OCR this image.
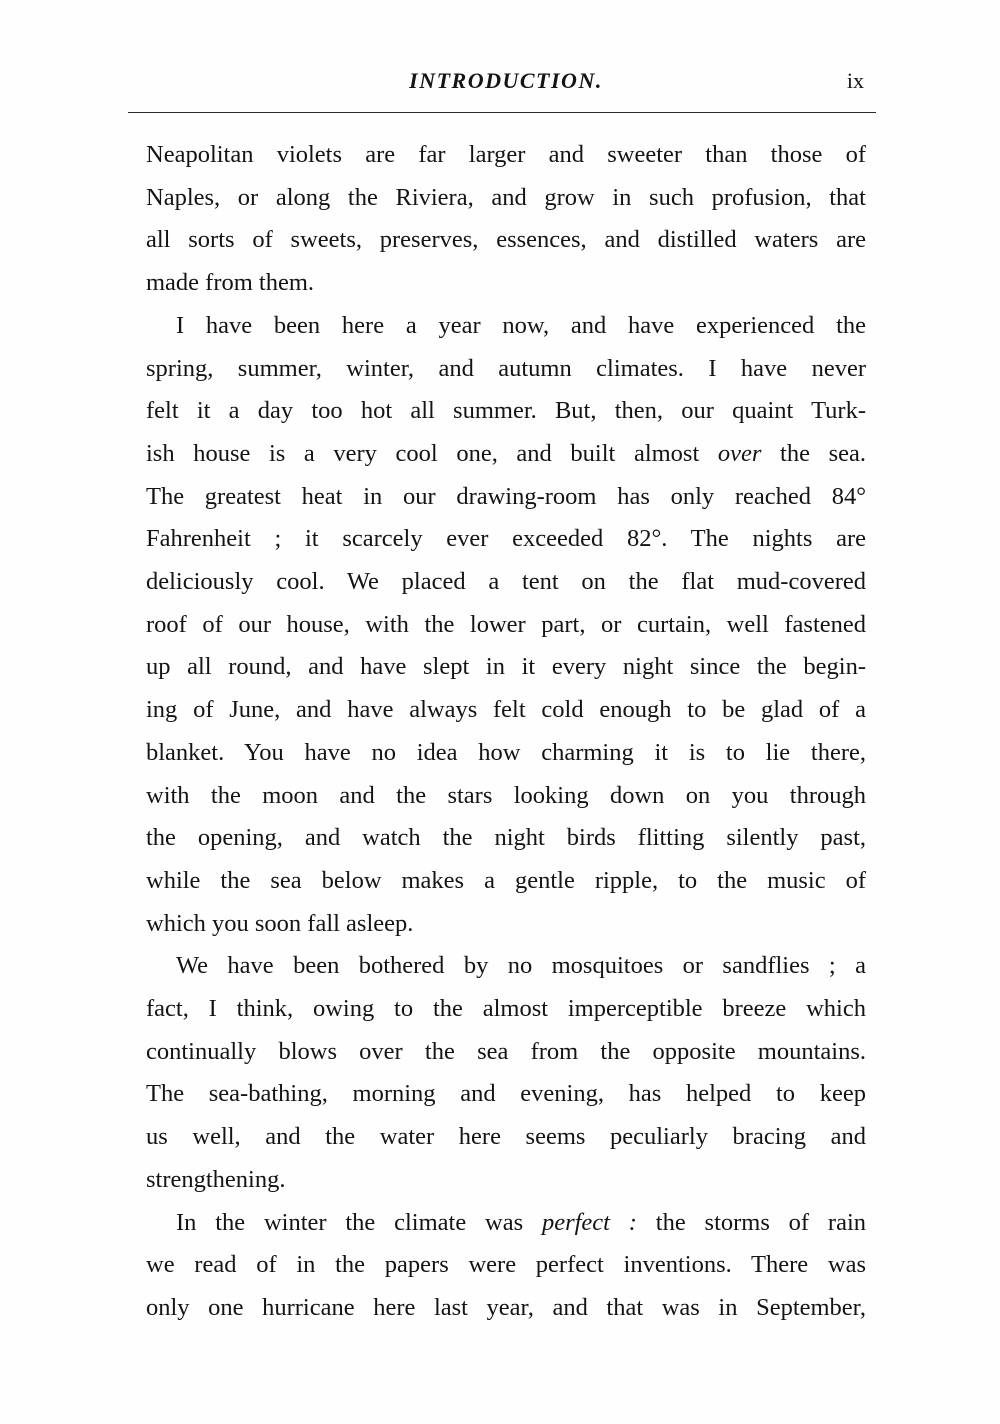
INTRODUCTION.	ix
Neapolitan violets are far larger and sweeter than those of
Naples, or along the Riviera, and grow in such profusion, that
all sorts of sweets, preserves, essences, and distilled waters are
made from them.
I have been here a year now, and have experienced the
spring, summer, winter, and autumn climates. I have never
felt it a day too hot all summer. But, then, our quaint Turk-
ish house is a very cool one, and built almost over the sea.
The greatest heat in our drawing-room has only reached 84°
Fahrenheit ; it scarcely ever exceeded 82°. The nights are
deliciously cool. We placed a tent on the flat mud-covered
roof of our house, with the lower part, or curtain, well fastened
up all round, and have slept in it every night since the begin-
ing of June, and have always felt cold enough to be glad of a
blanket. You have no idea how charming it is to lie there,
with the moon and the stars looking down on you through
the opening, and watch the night birds flitting silently past,
while the sea below makes a gentle ripple, to the music of
which you soon fall asleep.
We have been bothered by no mosquitoes or sandflies ; a
fact, I think, owing to the almost imperceptible breeze which
continually blows over the sea from the opposite mountains.
The sea-bathing, morning and evening, has helped to keep
us well, and the water here seems peculiarly bracing and
strengthening.
In the winter the climate was perfect : the storms of rain
we read of in the papers were perfect inventions. There was
only one hurricane here last year, and that was in September,
